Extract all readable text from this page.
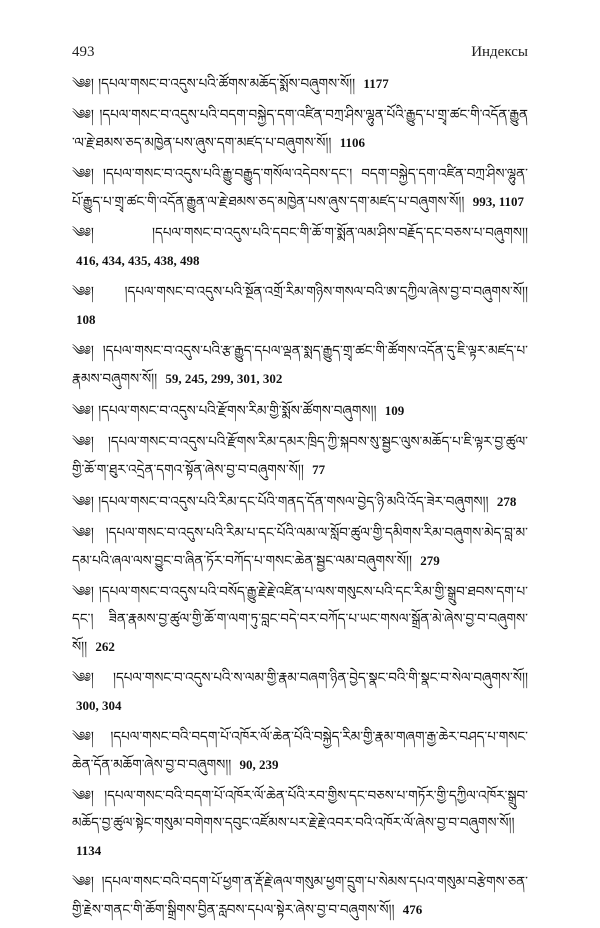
493	Индексы

༄༅། །དཔལ་གསང་བ་འདུས་པའི་ཚོགས་མཆོད་སྨོས་བཞུགས་སོ།། 1177

༄༅། །དཔལ་གསང་བ་འདུས་པའི་བདག་བསྐྱེད་དག་འཛིན་བཀྲ་ཤིས་ལྷུན་པོའི་རྒྱུད་པ་གྲྭ་ཚང་གི་འདོན་རྒྱུན་ལ་རྗེ་ཐམས་ཅད་མཁྱེན་པས་ཞུས་དག་མཛད་པ་བཞུགས་སོ།། 1106

༄༅། །དཔལ་གསང་བ་འདུས་པའི་རྒྱུ་བརྒྱུད་གསོལ་འདེབས་དང་། བདག་བསྐྱེད་དག་འཛིན་བཀྲ་ཤིས་ལྷུན་པོ་རྒྱུད་པ་གྲྭ་ཚང་གི་འདོན་རྒྱུན་ལ་རྗེ་ཐམས་ཅད་མཁྱེན་པས་ཞུས་དག་མཛད་པ་བཞུགས་སོ།། 993, 1107

༄༅། །དཔལ་གསང་བ་འདུས་པའི་དབང་གི་ཆོ་ག་སྨོན་ལམ་ཤིས་བརྗོད་དང་བཅས་པ་བཞུགས།། 416, 434, 435, 438, 498

༄༅། །དཔལ་གསང་བ་འདུས་པའི་སྔོན་འགྲོ་རིམ་གཉིས་གསལ་བའི་ཨ་དཀྱིལ་ཞེས་བྱ་བ་བཞུགས་སོ།། 108

༄༅། །དཔལ་གསང་བ་འདུས་པའི་རྩ་རྒྱུད་དཔལ་ལྡན་སྨད་རྒྱུད་གྲྭ་ཚང་གི་ཚོགས་འདོན་དུ་ཇི་ལྟར་མཛད་པ་རྣམས་བཞུགས་སོ།། 59, 245, 299, 301, 302

༄༅། །དཔལ་གསང་བ་འདུས་པའི་རྫོགས་རིམ་གྱི་སྨོས་ཚོགས་བཞུགས།། 109

༄༅། །དཔལ་གསང་བ་འདུས་པའི་རྫོགས་རིམ་དམར་ཁྲིད་ཀྱི་སྐབས་སུ་སྦྱང་ལུས་མཆོད་པ་ཇི་ལྟར་བྱ་ཚུལ་གྱི་ཆོ་ག་ཐུར་འདྲེན་དགའ་སྟོན་ཞེས་བྱ་བ་བཞུགས་སོ།། 77

༄༅། །དཔལ་གསང་བ་འདུས་པའི་རིམ་དང་པོའི་གནད་དོན་གསལ་བྱེད་ཉི་མའི་འོད་ཟེར་བཞུགས།། 278

༄༅། །དཔལ་གསང་བ་འདུས་པའི་རིམ་པ་དང་པོའི་ལམ་ལ་སློབ་ཚུལ་གྱི་དམིགས་རིམ་བཞུགས་མེད་བླ་མ་དམ་པའི་ཞལ་ལས་བྱུང་བ་ཞིན་ཏོར་བཀོད་པ་གསང་ཆེན་སྦྱང་ལམ་བཞུགས་སོ།། 279

༄༅། །དཔལ་གསང་བ་འདུས་པའི་བསོད་རྒྱུ་རྗེ་རྗེ་འཛིན་པ་ལས་གསུངས་པའི་དང་རིམ་གྱི་སྒྲུབ་ཐབས་དག་པ་དང་། ཟིན་རྣམས་བྱ་ཚུལ་གྱི་ཆོ་ག་ལག་ཏུ་བླང་བདེ་བར་བཀོད་པ་ཡང་གསལ་སྒྲོན་མེ་ཞེས་བྱ་བ་བཞུགས་སོ།། 262

༄༅། །དཔལ་གསང་བ་འདུས་པའི་ས་ལམ་གྱི་རྣམ་བཞག་ཉིན་བྱེད་སྣང་བའི་གི་སྣང་བ་སེལ་བཞུགས་སོ།། 300, 304

༄༅། །དཔལ་གསང་བའི་བདག་པོ་འཁོར་ལོ་ཆེན་པོའི་བསྐྱེད་རིམ་གྱི་རྣམ་གཞག་རྒྱ་ཆེར་བཤད་པ་གསང་ཆེན་དོན་མཆོག་ཞེས་བྱ་བ་བཞུགས།། 90, 239

༄༅། །དཔལ་གསང་བའི་བདག་པོ་འཁོར་ལོ་ཆེན་པོའི་རབ་གྱིས་དང་བཅས་པ་གཏོར་གྱི་དཀྱིལ་འཁོར་སྒྲུབ་མཆོད་བྱ་ཚུལ་སྟེང་གསུམ་བགེགས་དབུང་འཛོམས་པར་རྗེ་རྗེ་འབར་བའི་འཁོར་ལོ་ཞེས་བྱ་བ་བཞུགས་སོ།། 1134

༄༅། །དཔལ་གསང་བའི་བདག་པོ་ཕྱག་ན་རྡོ་རྗེ་ཞལ་གསུམ་ཕྱག་དྲུག་པ་སེམས་དཔའ་གསུམ་བརྩེགས་ཅན་གྱི་རྗེས་གནང་གི་ཆོག་སྒྲིགས་བྱིན་རླབས་དཔལ་སྟེར་ཞེས་བྱ་བ་བཞུགས་སོ།། 476
